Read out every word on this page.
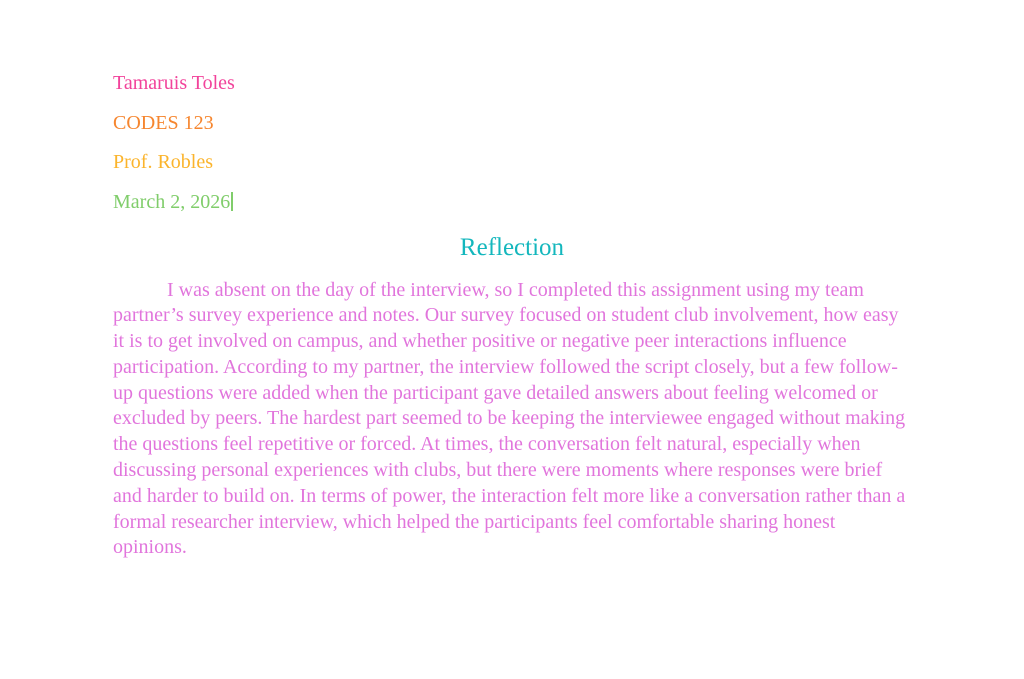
Tamaruis Toles

CODES 123

Prof. Robles

March 2, 2026

Reflection

I was absent on the day of the interview, so I completed this assignment using my team partner’s survey experience and notes. Our survey focused on student club involvement, how easy it is to get involved on campus, and whether positive or negative peer interactions influence participation. According to my partner, the interview followed the script closely, but a few follow-up questions were added when the participant gave detailed answers about feeling welcomed or excluded by peers. The hardest part seemed to be keeping the interviewee engaged without making the questions feel repetitive or forced. At times, the conversation felt natural, especially when discussing personal experiences with clubs, but there were moments where responses were brief and harder to build on. In terms of power, the interaction felt more like a conversation rather than a formal researcher interview, which helped the participants feel comfortable sharing honest opinions.
